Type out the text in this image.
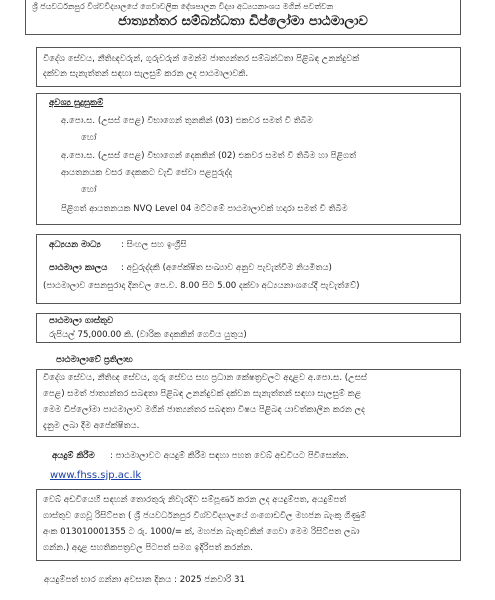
ශ්‍රී ජයවර්ධනපුර විශ්වවිද්‍යාලයේ ගෙවාවලික දේශපාලන විද්‍යා අධ්‍යයනාංශය මගින් පවත්වන
ජාත්‍යන්තර සම්බන්ධතා ඩිප්ලෝමා පාඨමාලාව
විදේශ සේවය, නීතිඥවරුන්, ගුරුවරුන් මෙන්ම ජාත්‍යන්තර සම්බන්ධතා පිළිබඳ උනන්දුවක්
දක්වන සැනැත්තන් සඳහා සැලසුම් කරන ලද පාඨමාලාවකි.
අවශ්‍ය සුදුසුකම්
අ.පො.ස. (උසස් පෙළ) විභාගෙන් තුනකින් (03) එකවර සමත් වී තිබීම
හෝ
අ.පො.ස. (උසස් පෙළ) විභාගෙන් දෙකකින් (02) එකවර සමත් වී තිබීම හා පිළිගත්
ආයතනයක වසර දෙකකට වැඩි සේවා පළපුරුද්ද
හෝ
පිළිගත් ආයතනයක NVQ Level 04 මට්ටමේ පාඨමාලාවක් හදාරා සමත් වී තිබීම
අධ්‍යයන මාධ්‍ය : සිංහල සහ ඉංග්‍රීසි
පාඨමාලා කාලය : අවුරුද්දකි (අපේක්ෂිත සංඛ්‍යාව අනුව පැවැත්වීම නියමිතය)
(පාඨමාලාව සෙනසුරාදා දිනවල පෙ.ව. 8.00 සිට 5.00 දක්වා අධ්‍යයනාංශයේදී පැවැත්වේ)
පාඨමාලා ගාස්තුව
රුපියල් 75,000.00 කි. (වාරික දෙකකින් ගෙවිය යුතුය)
පාඨමාලාවේ ප්‍රතිලාභ
විදේශ සේවය, නීතිඥ සේවය, ගුරු සේවය සහ ප්‍රධාන කේෂත්‍රවලට අදාළව අ.පො.ස. (උසස්
පෙළ) සමත් ජාත්‍යන්තර සබඳතා පිළිබඳ උනන්දුවක් දක්වන සැනැත්තන් සඳහා සැලසුම් කළ
මෙම ඩිප්ලෝමා පාඨමාලාව මගින් ජාත්‍යන්තර සබඳතා විෂය පිළිබඳ යාවත්කාලීන කරන ලද
දැනුම ලබා දීම අපේක්ෂිතය.
අයදුම් කිරීම : පාඨමාලාවට අයදුම් කිරීම සඳහා පහත වෙබ් අඩවියට පිවිසෙන්න.
www.fhss.sjp.ac.lk
වෙබ් අඩවියෙහි සඳහන් තොරතුරු නිවැරදිව සම්පූර්ණ කරන ලද අයදුම්පත, අයදුම්පත්
ගාස්තුව ගෙවූ රිසිට්පත ( ශ්‍රී ජයවර්ධනපුර විශ්වවිද්‍යාලයේ ගංගොඩවිල මහජන බැංකු ගිණුම්
අංක 013010001355 ට රු. 1000/= ක්, මහජන බැංකුවකින් ගෙවා මෙම රිසිට්පත ලබා
ගන්න.) අදාළ සහතිකපත්‍රවල පිටපත් සමග ඉදිරිපත් කරන්න.
අයදුම්පත් භාර ගන්නා අවසාන දිනය : 2025 ජනවාරි 31
